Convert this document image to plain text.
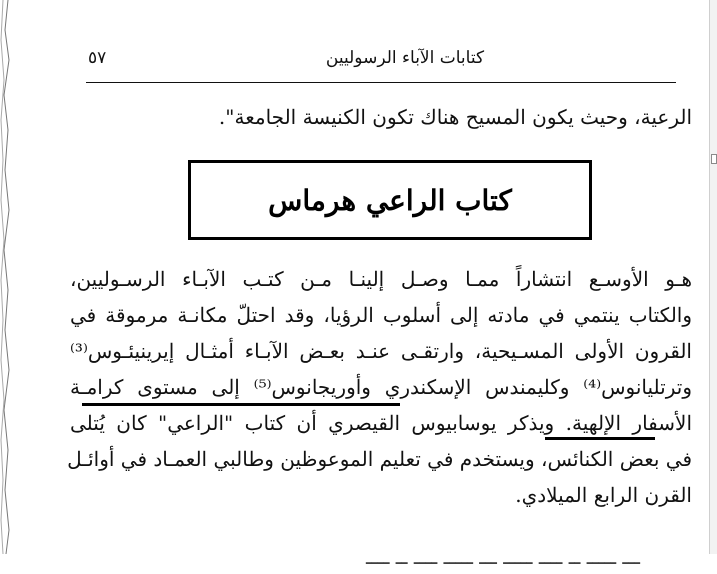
٥٧	كتابات الآباء الرسوليين
الرعية، وحيث يكون المسيح هناك تكون الكنيسة الجامعة".
كتاب الراعي هرماس
هـو الأوسـع انتشاراً ممـا وصـل إلينـا مـن كتـب الآبـاء الرسـوليين،
والكتاب ينتمي في مادته إلى أسلوب الرؤيا، وقد احتلّ مكانـة مرموقة في
القرون الأولى المسـيحية، وارتقـى عنـد بعـض الآبـاء أمثـال إيرينيئـوس⁽³⁾
وترتليانوس⁽⁴⁾ وكليمندس الإسكندري وأوريجانوس⁽⁵⁾ إلى مستوى كرامـة
الأسفار الإلهية. ويذكر يوسابيوس القيصري أن كتاب "الراعي" كان يُتلى
في بعض الكنائس، ويستخدم في تعليم الموعوظين وطالبي العمـاد في أوائـل
القرن الرابع الميلادي.
ـــ ـــــ ــ ــــ ـــــ ـــ ـــــ ــــ ــ ــــ
